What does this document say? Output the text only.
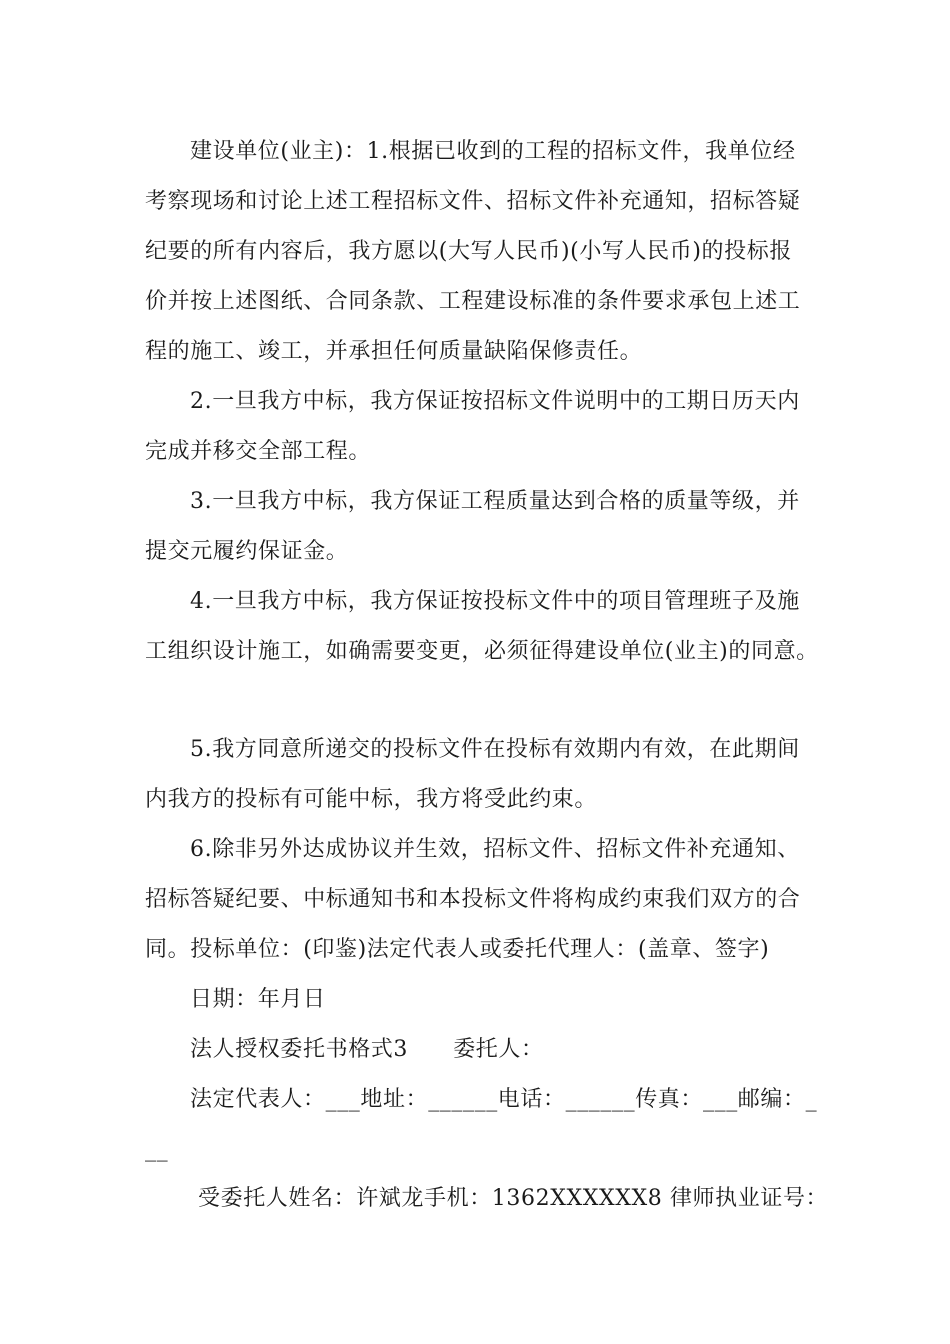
建设单位(业主)：1.根据已收到的工程的招标文件，我单位经
考察现场和讨论上述工程招标文件、招标文件补充通知，招标答疑
纪要的所有内容后，我方愿以(大写人民币)(小写人民币)的投标报
价并按上述图纸、合同条款、工程建设标准的条件要求承包上述工
程的施工、竣工，并承担任何质量缺陷保修责任。
2.一旦我方中标，我方保证按招标文件说明中的工期日历天内
完成并移交全部工程。
3.一旦我方中标，我方保证工程质量达到合格的质量等级，并
提交元履约保证金。
4.一旦我方中标，我方保证按投标文件中的项目管理班子及施
工组织设计施工，如确需要变更，必须征得建设单位(业主)的同意。
5.我方同意所递交的投标文件在投标有效期内有效，在此期间
内我方的投标有可能中标，我方将受此约束。
6.除非另外达成协议并生效，招标文件、招标文件补充通知、
招标答疑纪要、中标通知书和本投标文件将构成约束我们双方的合
同。投标单位：(印鉴)法定代表人或委托代理人：(盖章、签字)
日期：年月日
法人授权委托书格式3　　委托人：
法定代表人：___地址：______电话：______传真：___邮编：_
__
受委托人姓名：许斌龙手机：1362XXXXXX8 律师执业证号：
